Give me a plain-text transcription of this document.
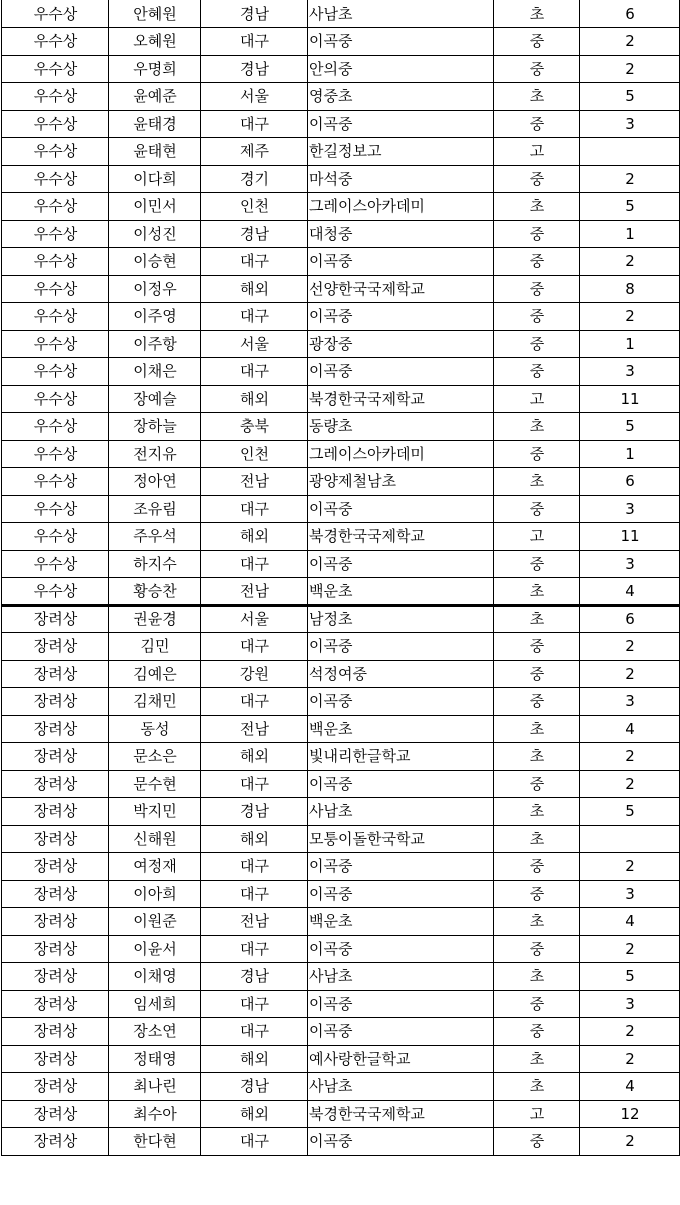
우수상	안혜원	경남	사남초	초	6
우수상	오혜원	대구	이곡중	중	2
우수상	우명희	경남	안의중	중	2
우수상	윤예준	서울	영중초	초	5
우수상	윤태경	대구	이곡중	중	3
우수상	윤태현	제주	한길정보고	고	
우수상	이다희	경기	마석중	중	2
우수상	이민서	인천	그레이스아카데미	초	5
우수상	이성진	경남	대청중	중	1
우수상	이승현	대구	이곡중	중	2
우수상	이정우	해외	선양한국국제학교	중	8
우수상	이주영	대구	이곡중	중	2
우수상	이주항	서울	광장중	중	1
우수상	이채은	대구	이곡중	중	3
우수상	장예슬	해외	북경한국국제학교	고	11
우수상	장하늘	충북	동량초	초	5
우수상	전지유	인천	그레이스아카데미	중	1
우수상	정아연	전남	광양제철남초	초	6
우수상	조유림	대구	이곡중	중	3
우수상	주우석	해외	북경한국국제학교	고	11
우수상	하지수	대구	이곡중	중	3
우수상	황승찬	전남	백운초	초	4
장려상	권윤경	서울	남정초	초	6
장려상	김민	대구	이곡중	중	2
장려상	김예은	강원	석정여중	중	2
장려상	김채민	대구	이곡중	중	3
장려상	동성	전남	백운초	초	4
장려상	문소은	해외	빛내리한글학교	초	2
장려상	문수현	대구	이곡중	중	2
장려상	박지민	경남	사남초	초	5
장려상	신해원	해외	모퉁이돌한국학교	초	
장려상	여정재	대구	이곡중	중	2
장려상	이아희	대구	이곡중	중	3
장려상	이원준	전남	백운초	초	4
장려상	이윤서	대구	이곡중	중	2
장려상	이채영	경남	사남초	초	5
장려상	임세희	대구	이곡중	중	3
장려상	장소연	대구	이곡중	중	2
장려상	정태영	해외	예사랑한글학교	초	2
장려상	최나린	경남	사남초	초	4
장려상	최수아	해외	북경한국국제학교	고	12
장려상	한다현	대구	이곡중	중	2
